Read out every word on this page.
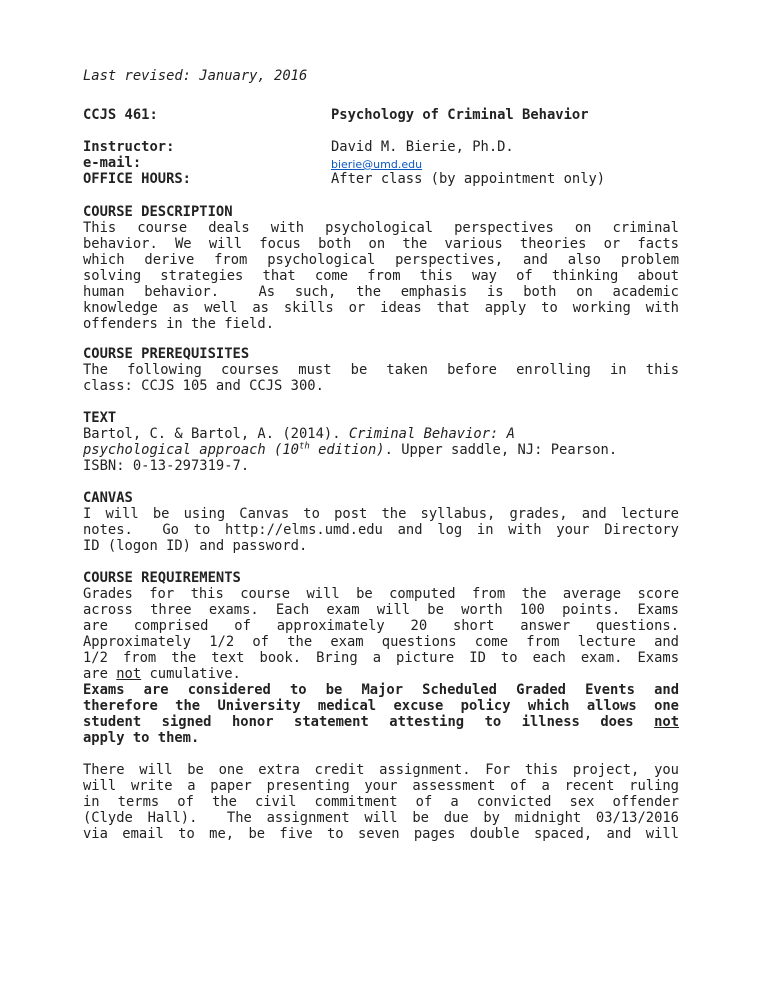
Last revised: January, 2016
CCJS 461:	Psychology of Criminal Behavior
Instructor:	David M. Bierie, Ph.D.
e-mail:	bierie@umd.edu
OFFICE HOURS:	After class (by appointment only)
COURSE DESCRIPTION
This course deals with psychological perspectives on criminal
behavior. We will focus both on the various theories or facts
which derive from psychological perspectives, and also problem
solving strategies that come from this way of thinking about
human behavior.  As such, the emphasis is both on academic
knowledge as well as skills or ideas that apply to working with
offenders in the field.
COURSE PREREQUISITES
The following courses must be taken before enrolling in this
class: CCJS 105 and CCJS 300.
TEXT
Bartol, C. & Bartol, A. (2014). Criminal Behavior: A
psychological approach (10th edition). Upper saddle, NJ: Pearson.
ISBN: 0-13-297319-7.
CANVAS
I will be using Canvas to post the syllabus, grades, and lecture
notes.  Go to http://elms.umd.edu and log in with your Directory
ID (logon ID) and password.
COURSE REQUIREMENTS
Grades for this course will be computed from the average score
across three exams. Each exam will be worth 100 points. Exams
are comprised of approximately 20 short answer questions.
Approximately 1/2 of the exam questions come from lecture and
1/2 from the text book. Bring a picture ID to each exam. Exams
are not cumulative.
Exams are considered to be Major Scheduled Graded Events and
therefore the University medical excuse policy which allows one
student signed honor statement attesting to illness does not
apply to them.
There will be one extra credit assignment. For this project, you
will write a paper presenting your assessment of a recent ruling
in terms of the civil commitment of a convicted sex offender
(Clyde Hall).  The assignment will be due by midnight 03/13/2016
via email to me, be five to seven pages double spaced, and will
